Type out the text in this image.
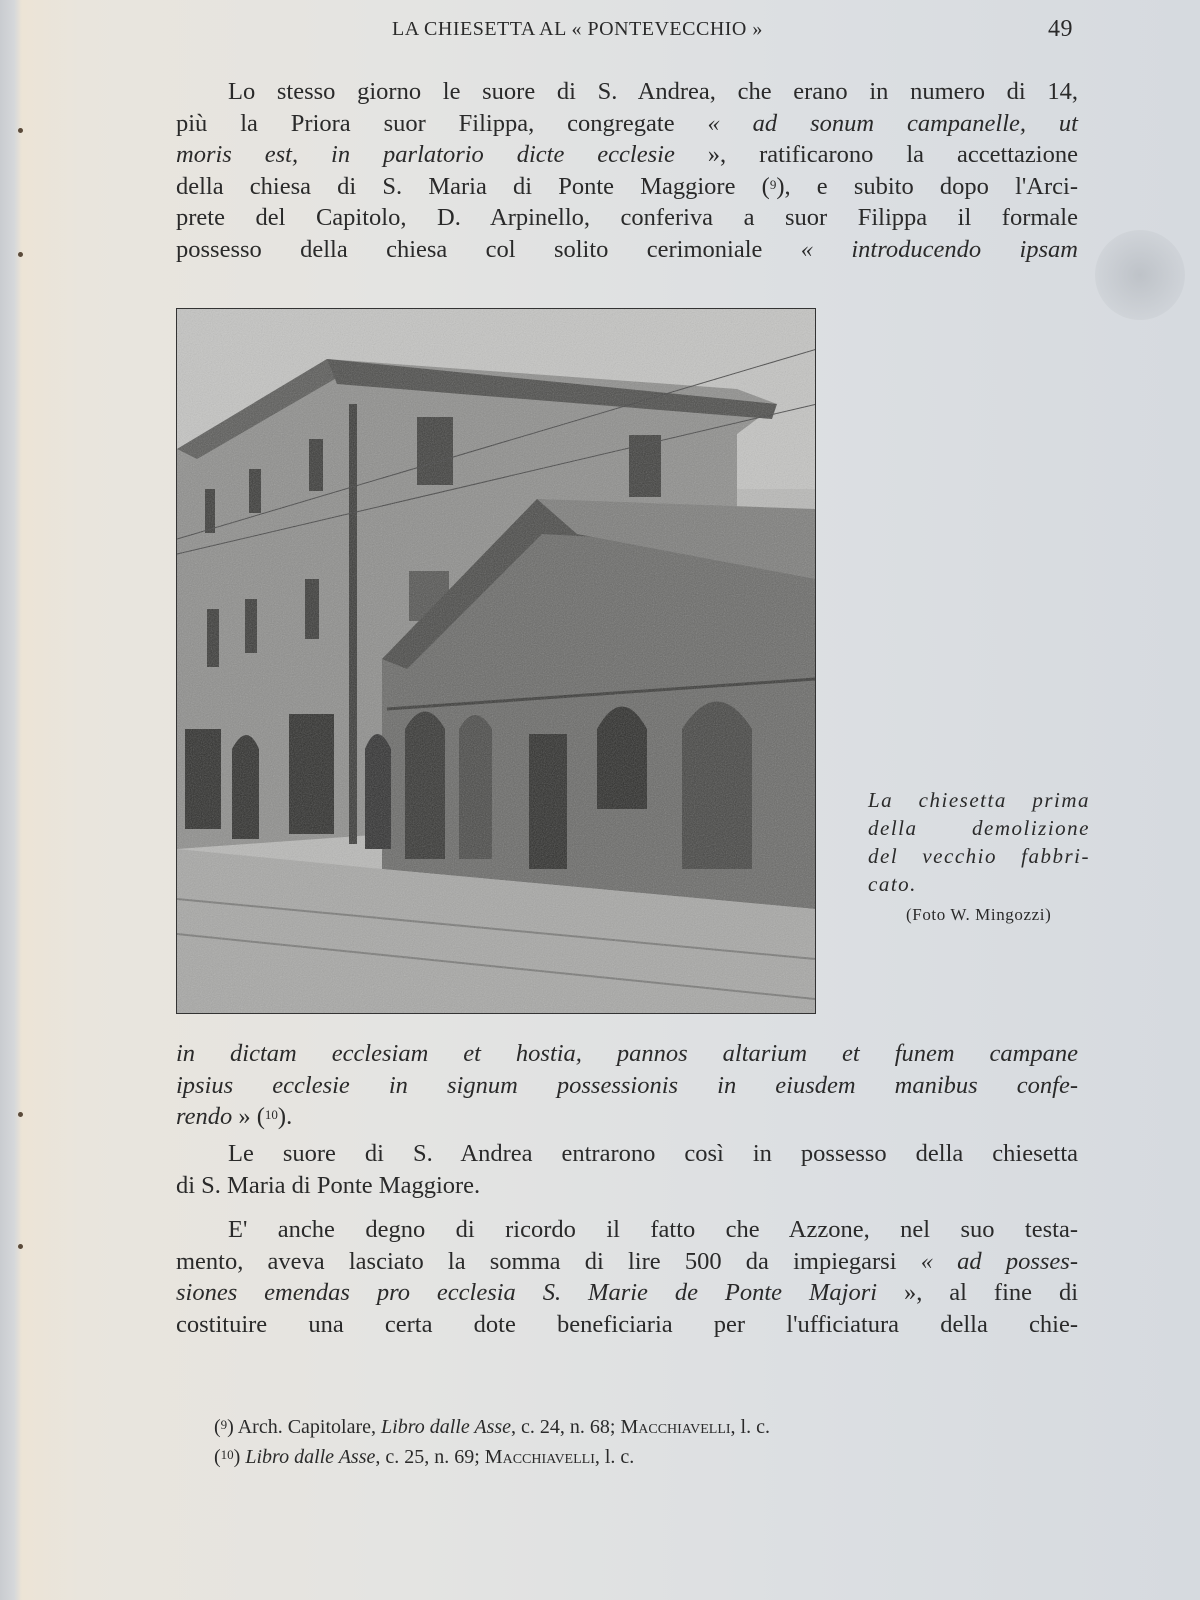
LA CHIESETTA AL « PONTEVECCHIO »	49
Lo stesso giorno le suore di S. Andrea, che erano in numero di 14,
più la Priora suor Filippa, congregate « ad sonum campanelle, ut
moris est, in parlatorio dicte ecclesie », ratificarono la accettazione
della chiesa di S. Maria di Ponte Maggiore ($^9$), e subito dopo l'Arci-
prete del Capitolo, D. Arpinello, conferiva a suor Filippa il formale
possesso della chiesa col solito cerimoniale « introducendo ipsam
La chiesetta prima
della demolizione
del vecchio fabbri-
cato.
(Foto W. Mingozzi)
in dictam ecclesiam et hostia, pannos altarium et funem campane
ipsius ecclesie in signum possessionis in eiusdem manibus confe-
rendo » ($^{10}$).
Le suore di S. Andrea entrarono così in possesso della chiesetta
di S. Maria di Ponte Maggiore.
E' anche degno di ricordo il fatto che Azzone, nel suo testa-
mento, aveva lasciato la somma di lire 500 da impiegarsi « ad posses-
siones emendas pro ecclesia S. Marie de Ponte Majori », al fine di
costituire una certa dote beneficiaria per l'ufficiatura della chie-
($^9$) Arch. Capitolare, Libro dalle Asse, c. 24, n. 68; Macchiavelli, l. c.
($^{10}$) Libro dalle Asse, c. 25, n. 69; Macchiavelli, l. c.
